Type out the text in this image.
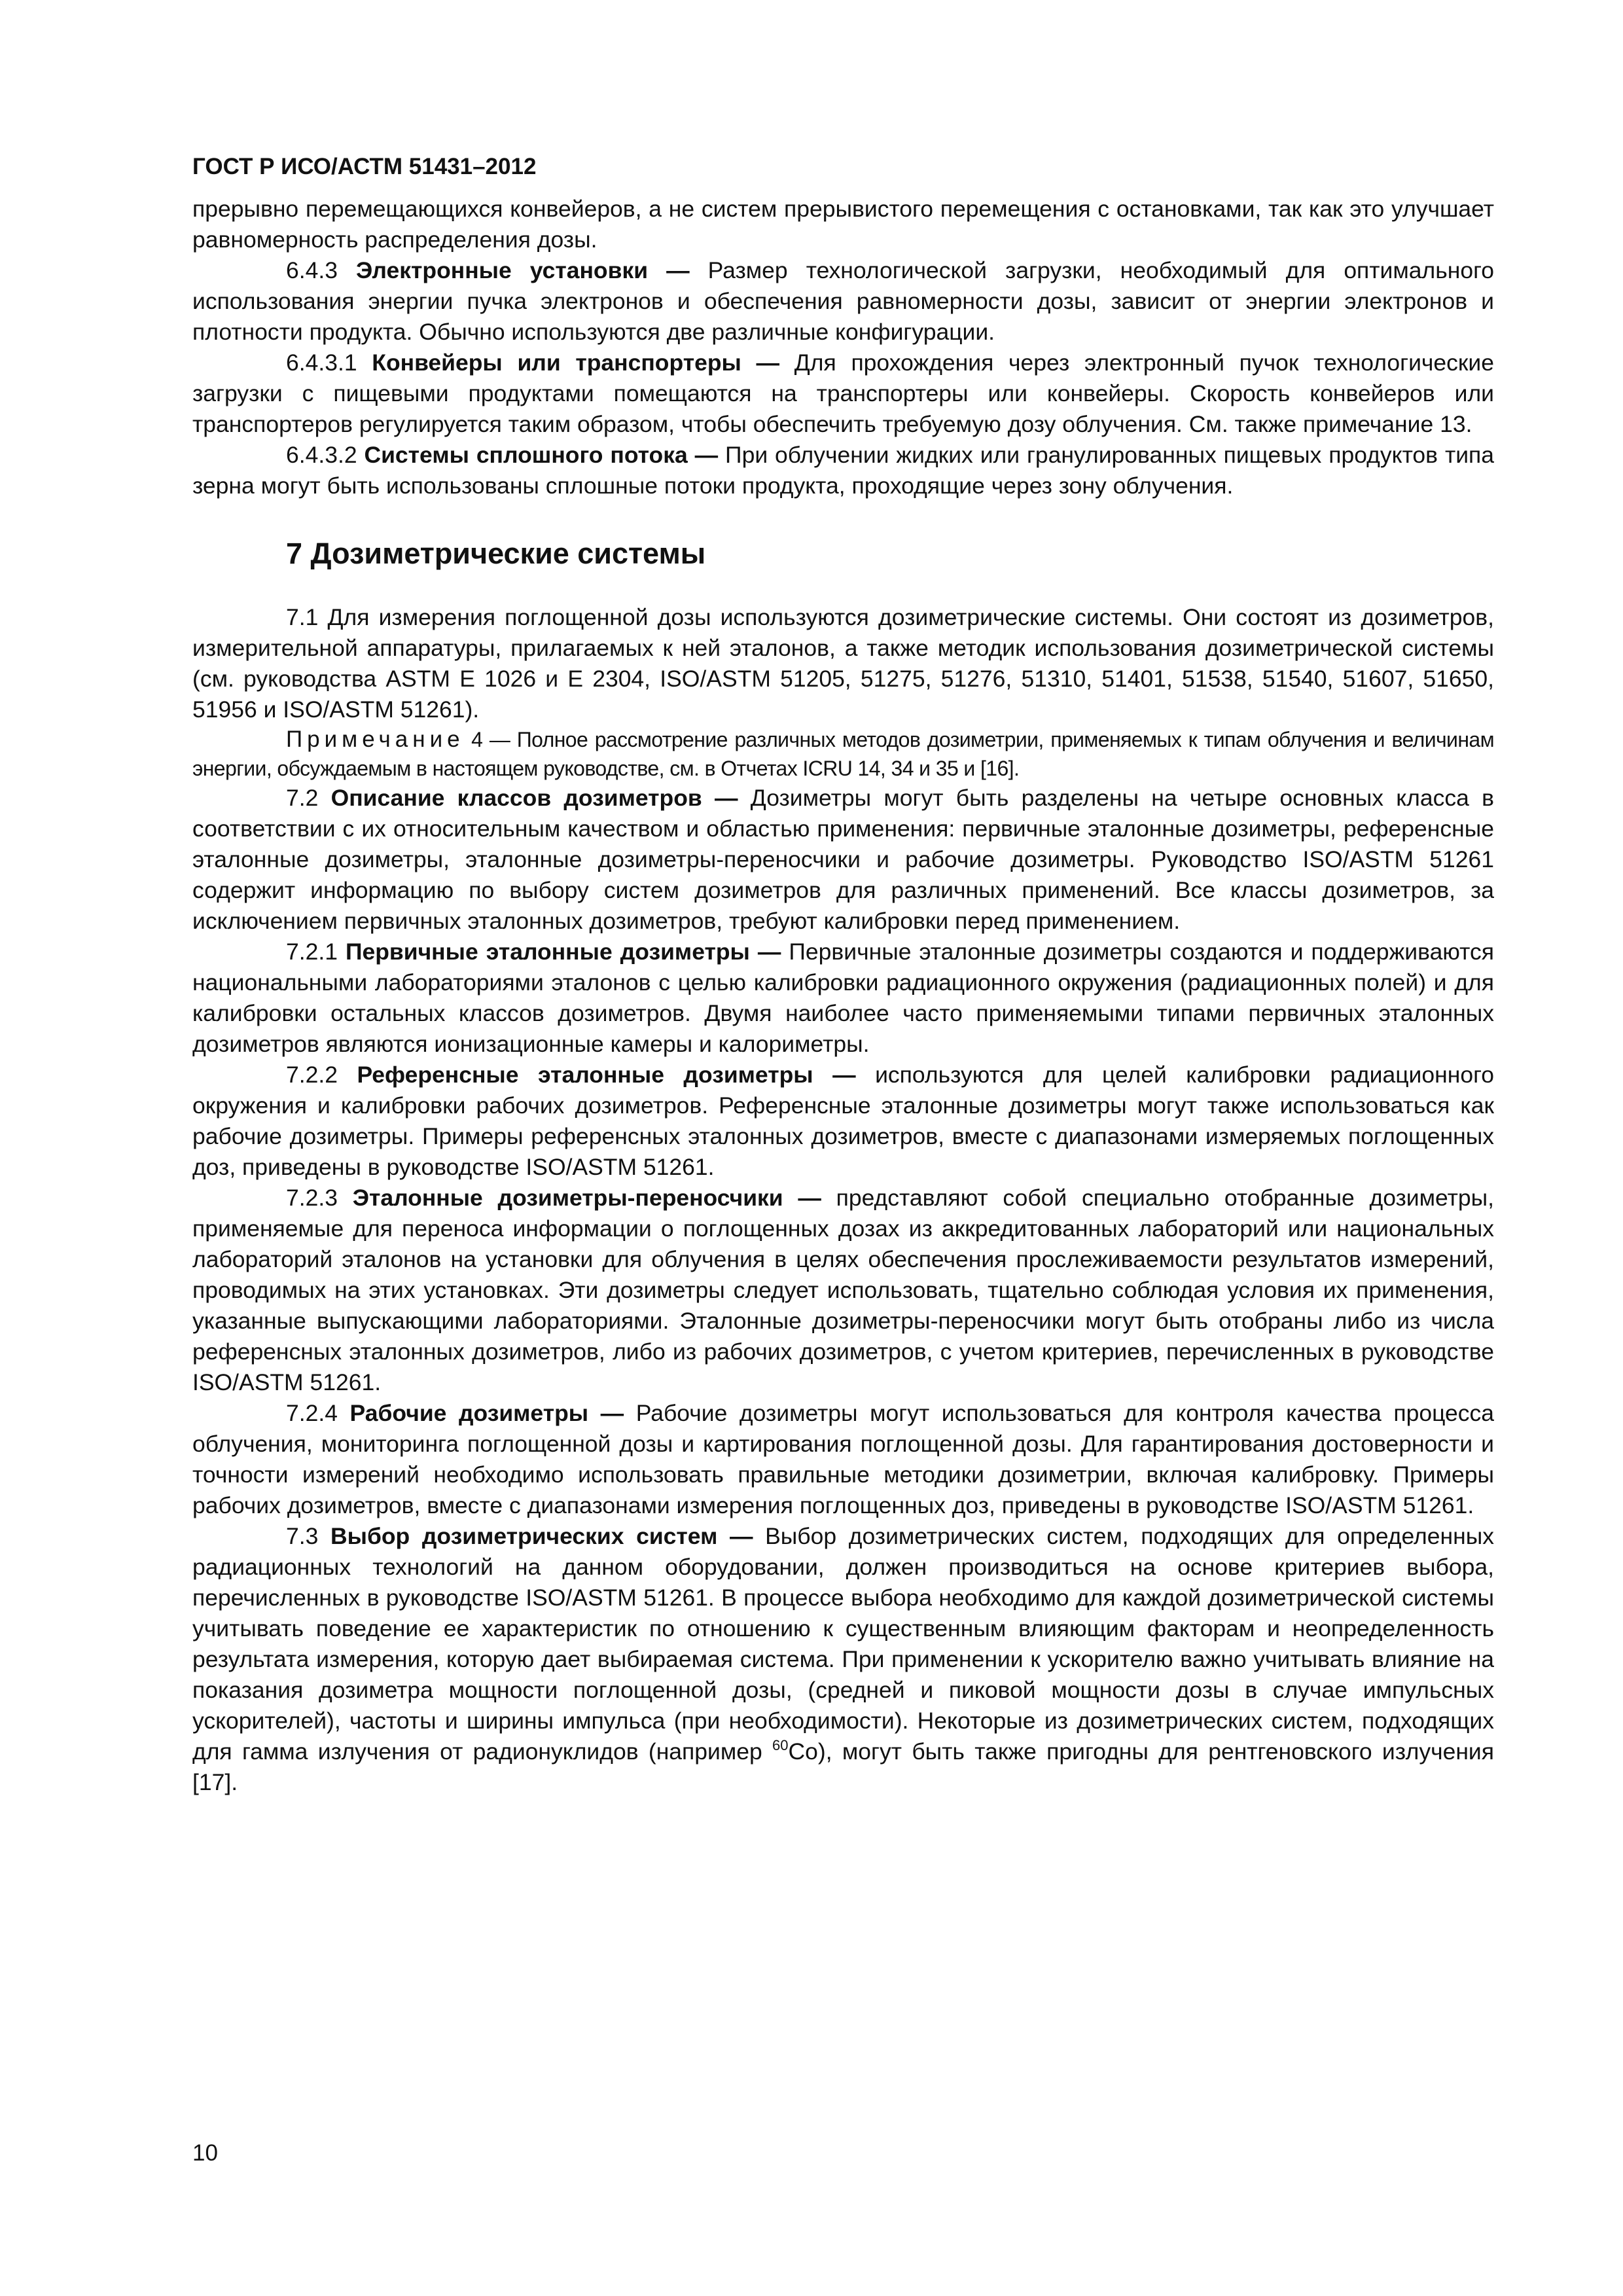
ГОСТ Р ИСО/АСТМ 51431–2012

прерывно перемещающихся конвейеров, а не систем прерывистого перемещения с остановками, так как это улучшает равномерность распределения дозы.

6.4.3 Электронные установки — Размер технологической загрузки, необходимый для оптимального использования энергии пучка электронов и обеспечения равномерности дозы, зависит от энергии электронов и плотности продукта. Обычно используются две различные конфигурации.

6.4.3.1 Конвейеры или транспортеры — Для прохождения через электронный пучок технологические загрузки с пищевыми продуктами помещаются на транспортеры или конвейеры. Скорость конвейеров или транспортеров регулируется таким образом, чтобы обеспечить требуемую дозу облучения. См. также примечание 13.

6.4.3.2 Системы сплошного потока — При облучении жидких или гранулированных пищевых продуктов типа зерна могут быть использованы сплошные потоки продукта, проходящие через зону облучения.

7 Дозиметрические системы

7.1 Для измерения поглощенной дозы используются дозиметрические системы. Они состоят из дозиметров, измерительной аппаратуры, прилагаемых к ней эталонов, а также методик использования дозиметрической системы (см. руководства ASTM E 1026 и E 2304, ISO/ASTM 51205, 51275, 51276, 51310, 51401, 51538, 51540, 51607, 51650, 51956 и ISO/ASTM 51261).

Примечание 4 — Полное рассмотрение различных методов дозиметрии, применяемых к типам облучения и величинам энергии, обсуждаемым в настоящем руководстве, см. в Отчетах ICRU 14, 34 и 35 и [16].

7.2 Описание классов дозиметров — Дозиметры могут быть разделены на четыре основных класса в соответствии с их относительным качеством и областью применения: первичные эталонные дозиметры, референсные эталонные дозиметры, эталонные дозиметры-переносчики и рабочие дозиметры. Руководство ISO/ASTM 51261 содержит информацию по выбору систем дозиметров для различных применений. Все классы дозиметров, за исключением первичных эталонных дозиметров, требуют калибровки перед применением.

7.2.1 Первичные эталонные дозиметры — Первичные эталонные дозиметры создаются и поддерживаются национальными лабораториями эталонов с целью калибровки радиационного окружения (радиационных полей) и для калибровки остальных классов дозиметров. Двумя наиболее часто применяемыми типами первичных эталонных дозиметров являются ионизационные камеры и калориметры.

7.2.2 Референсные эталонные дозиметры — используются для целей калибровки радиационного окружения и калибровки рабочих дозиметров. Референсные эталонные дозиметры могут также использоваться как рабочие дозиметры. Примеры референсных эталонных дозиметров, вместе с диапазонами измеряемых поглощенных доз, приведены в руководстве ISO/ASTM 51261.

7.2.3 Эталонные дозиметры-переносчики — представляют собой специально отобранные дозиметры, применяемые для переноса информации о поглощенных дозах из аккредитованных лабораторий или национальных лабораторий эталонов на установки для облучения в целях обеспечения прослеживаемости результатов измерений, проводимых на этих установках. Эти дозиметры следует использовать, тщательно соблюдая условия их применения, указанные выпускающими лабораториями. Эталонные дозиметры-переносчики могут быть отобраны либо из числа референсных эталонных дозиметров, либо из рабочих дозиметров, с учетом критериев, перечисленных в руководстве ISO/ASTM 51261.

7.2.4 Рабочие дозиметры — Рабочие дозиметры могут использоваться для контроля качества процесса облучения, мониторинга поглощенной дозы и картирования поглощенной дозы. Для гарантирования достоверности и точности измерений необходимо использовать правильные методики дозиметрии, включая калибровку. Примеры рабочих дозиметров, вместе с диапазонами измерения поглощенных доз, приведены в руководстве ISO/ASTM 51261.

7.3 Выбор дозиметрических систем — Выбор дозиметрических систем, подходящих для определенных радиационных технологий на данном оборудовании, должен производиться на основе критериев выбора, перечисленных в руководстве ISO/ASTM 51261. В процессе выбора необходимо для каждой дозиметрической системы учитывать поведение ее характеристик по отношению к существенным влияющим факторам и неопределенность результата измерения, которую дает выбираемая система. При применении к ускорителю важно учитывать влияние на показания дозиметра мощности поглощенной дозы, (средней и пиковой мощности дозы в случае импульсных ускорителей), частоты и ширины импульса (при необходимости). Некоторые из дозиметрических систем, подходящих для гамма излучения от радионуклидов (например $^{60}$Co), могут быть также пригодны для рентгеновского излучения [17].

10
